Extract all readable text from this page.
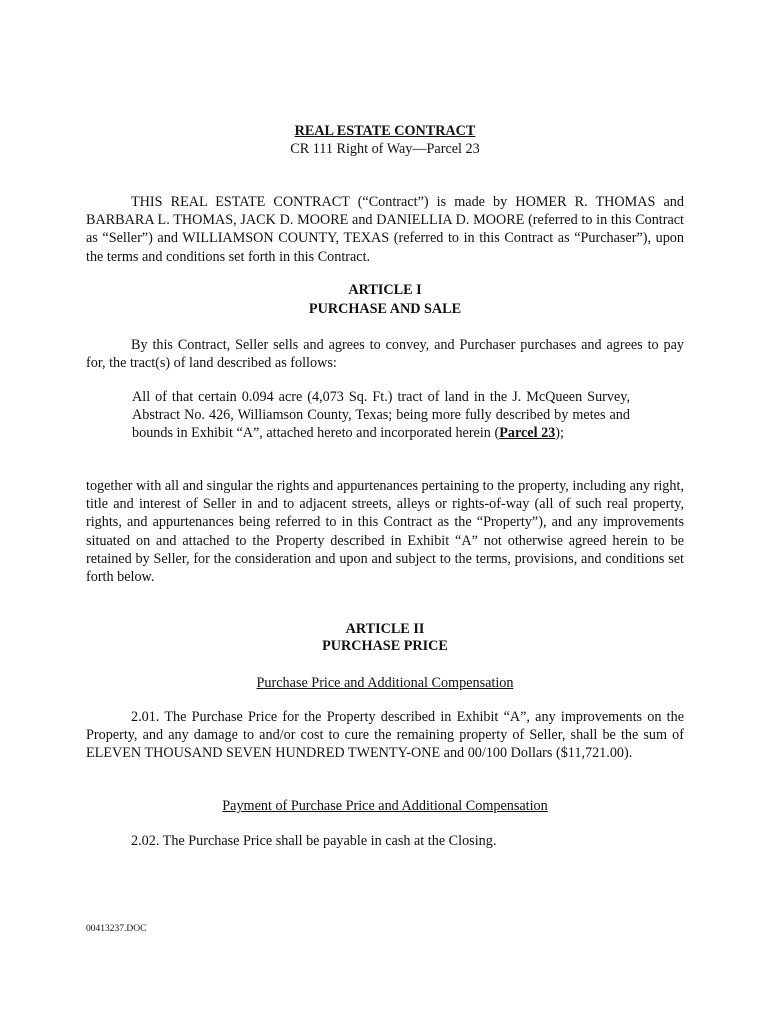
REAL ESTATE CONTRACT
CR 111 Right of Way—Parcel 23
THIS REAL ESTATE CONTRACT (“Contract”) is made by HOMER R. THOMAS and BARBARA L. THOMAS, JACK D. MOORE and DANIELLIA D. MOORE (referred to in this Contract as “Seller”) and WILLIAMSON COUNTY, TEXAS (referred to in this Contract as “Purchaser”), upon the terms and conditions set forth in this Contract.
ARTICLE I
PURCHASE AND SALE
By this Contract, Seller sells and agrees to convey, and Purchaser purchases and agrees to pay for, the tract(s) of land described as follows:
All of that certain 0.094 acre (4,073 Sq. Ft.) tract of land in the J. McQueen Survey, Abstract No. 426, Williamson County, Texas; being more fully described by metes and bounds in Exhibit “A”, attached hereto and incorporated herein (Parcel 23);
together with all and singular the rights and appurtenances pertaining to the property, including any right, title and interest of Seller in and to adjacent streets, alleys or rights-of-way (all of such real property, rights, and appurtenances being referred to in this Contract as the “Property”), and any improvements situated on and attached to the Property described in Exhibit “A” not otherwise agreed herein to be retained by Seller, for the consideration and upon and subject to the terms, provisions, and conditions set forth below.
ARTICLE II
PURCHASE PRICE
Purchase Price and Additional Compensation
2.01. The Purchase Price for the Property described in Exhibit “A”, any improvements on the Property, and any damage to and/or cost to cure the remaining property of Seller, shall be the sum of ELEVEN THOUSAND SEVEN HUNDRED TWENTY-ONE and 00/100 Dollars ($11,721.00).
Payment of Purchase Price and Additional Compensation
2.02. The Purchase Price shall be payable in cash at the Closing.
00413237.DOC
